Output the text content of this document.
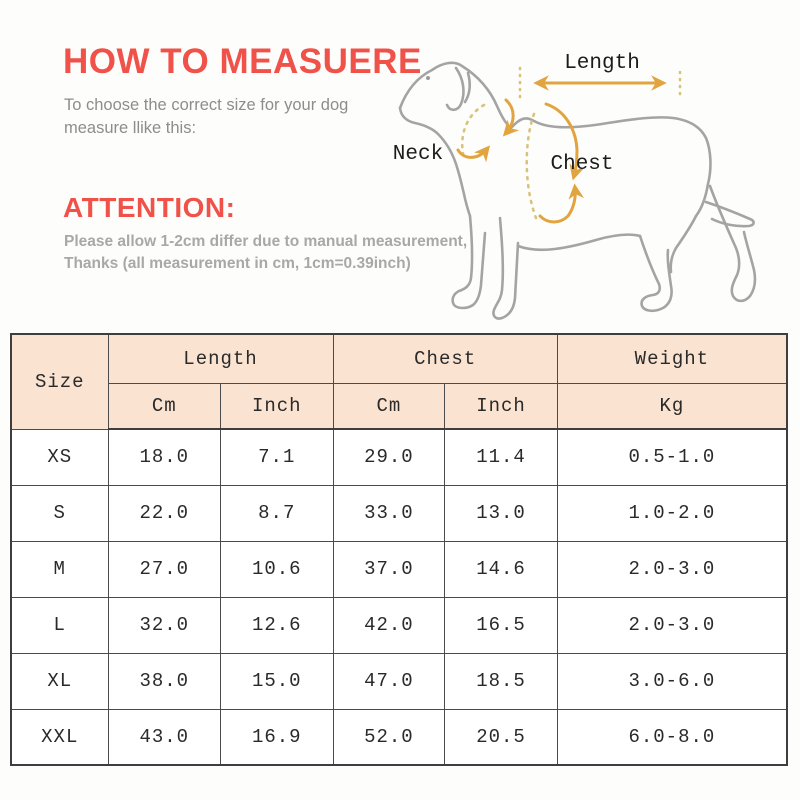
HOW TO MEASUERE
To choose the correct size for your dog
measure llike this:
ATTENTION:
Please allow 1-2cm differ due to manual measurement,
Thanks (all measurement in cm, 1cm=0.39inch)
Length
Neck	Chest
Size	Length		Chest		Weight
	Cm	Inch	Cm	Inch	Kg
XS	18.0	7.1	29.0	11.4	0.5-1.0
S	22.0	8.7	33.0	13.0	1.0-2.0
M	27.0	10.6	37.0	14.6	2.0-3.0
L	32.0	12.6	42.0	16.5	2.0-3.0
XL	38.0	15.0	47.0	18.5	3.0-6.0
XXL	43.0	16.9	52.0	20.5	6.0-8.0
